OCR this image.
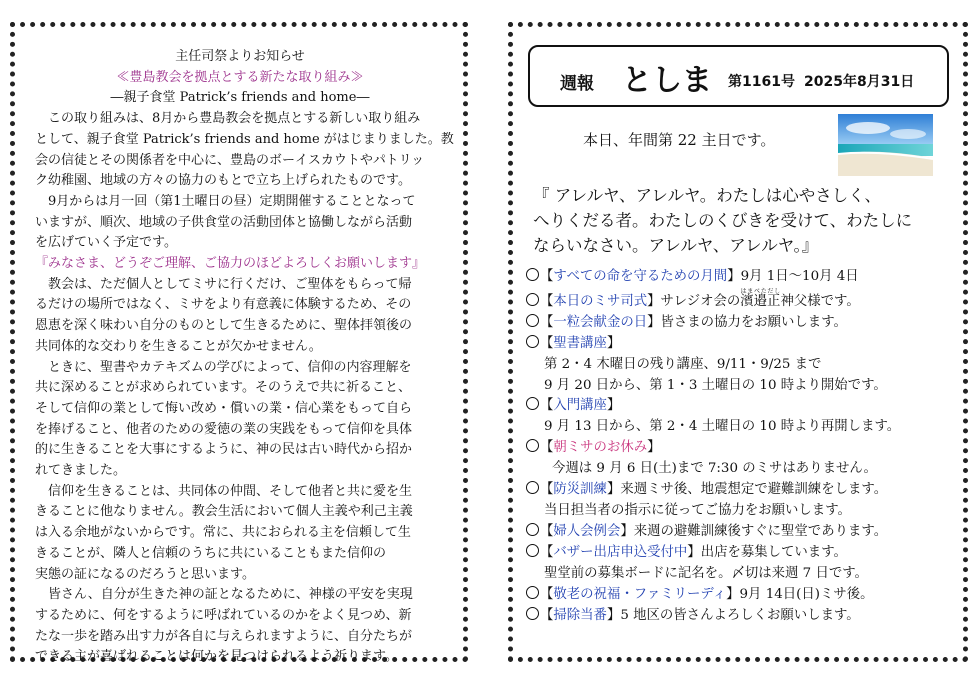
主任司祭よりお知らせ
≪豊島教会を拠点とする新たな取り組み≫
―親子食堂 Patrick’s friends and home―
この取り組みは、8月から豊島教会を拠点とする新しい取り組み
として、親子食堂 Patrick’s friends and home がはじまりました。教
会の信徒とその関係者を中心に、豊島のボーイスカウトやパトリッ
ク幼稚園、地域の方々の協力のもとで立ち上げられたものです。
9月からは月一回（第1土曜日の昼）定期開催することとなって
いますが、順次、地域の子供食堂の活動団体と協働しながら活動
を広げていく予定です。
『みなさま、どうぞご理解、ご協力のほどよろしくお願いします』
教会は、ただ個人としてミサに行くだけ、ご聖体をもらって帰
るだけの場所ではなく、ミサをより有意義に体験するため、その
恩恵を深く味わい自分のものとして生きるために、聖体拝領後の
共同体的な交わりを生きることが欠かせません。
ときに、聖書やカテキズムの学びによって、信仰の内容理解を
共に深めることが求められています。そのうえで共に祈ること、
そして信仰の業として悔い改め・償いの業・信心業をもって自ら
を捧げること、他者のための愛徳の業の実践をもって信仰を具体
的に生きることを大事にするように、神の民は古い時代から招か
れてきました。
信仰を生きることは、共同体の仲間、そして他者と共に愛を生
きることに他なりません。教会生活において個人主義や利己主義
は入る余地がないからです。常に、共におられる主を信頼して生
きることが、隣人と信頼のうちに共にいることもまた信仰の
実態の証になるのだろうと思います。
皆さん、自分が生きた神の証となるために、神様の平安を実現
するために、何をするように呼ばれているのかをよく見つめ、新
たな一歩を踏み出す力が各自に与えられますように、自分たちが
できる主が喜ばれることは何かを見つけられるよう祈ります。
週報 としま 第1161号 2025年8月31日
本日、年間第 22 主日です。
『 アレルヤ、アレルヤ。わたしは心やさしく、
へりくだる者。わたしのくびきを受けて、わたしに
ならいなさい。アレルヤ、アレルヤ。』
【すべての命を守るための月間】9月 1日～10月 4日
【本日のミサ司式】サレジオ会の濱邉正はまべただし神父様です。
【一粒会献金の日】皆さまの協力をお願いします。
【聖書講座】
第 2・4 木曜日の残り講座、9/11・9/25 まで
9 月 20 日から、第 1・3 土曜日の 10 時より開始です。
【入門講座】
9 月 13 日から、第 2・4 土曜日の 10 時より再開します。
【朝ミサのお休み】
今週は 9 月 6 日(土)まで 7:30 のミサはありません。
【防災訓練】来週ミサ後、地震想定で避難訓練をします。
当日担当者の指示に従ってご協力をお願いします。
【婦人会例会】来週の避難訓練後すぐに聖堂であります。
【バザー出店申込受付中】出店を募集しています。
聖堂前の募集ボードに記名を。〆切は来週 7 日です。
【敬老の祝福・ファミリーディ】9月 14日(日)ミサ後。
【掃除当番】5 地区の皆さんよろしくお願いします。
